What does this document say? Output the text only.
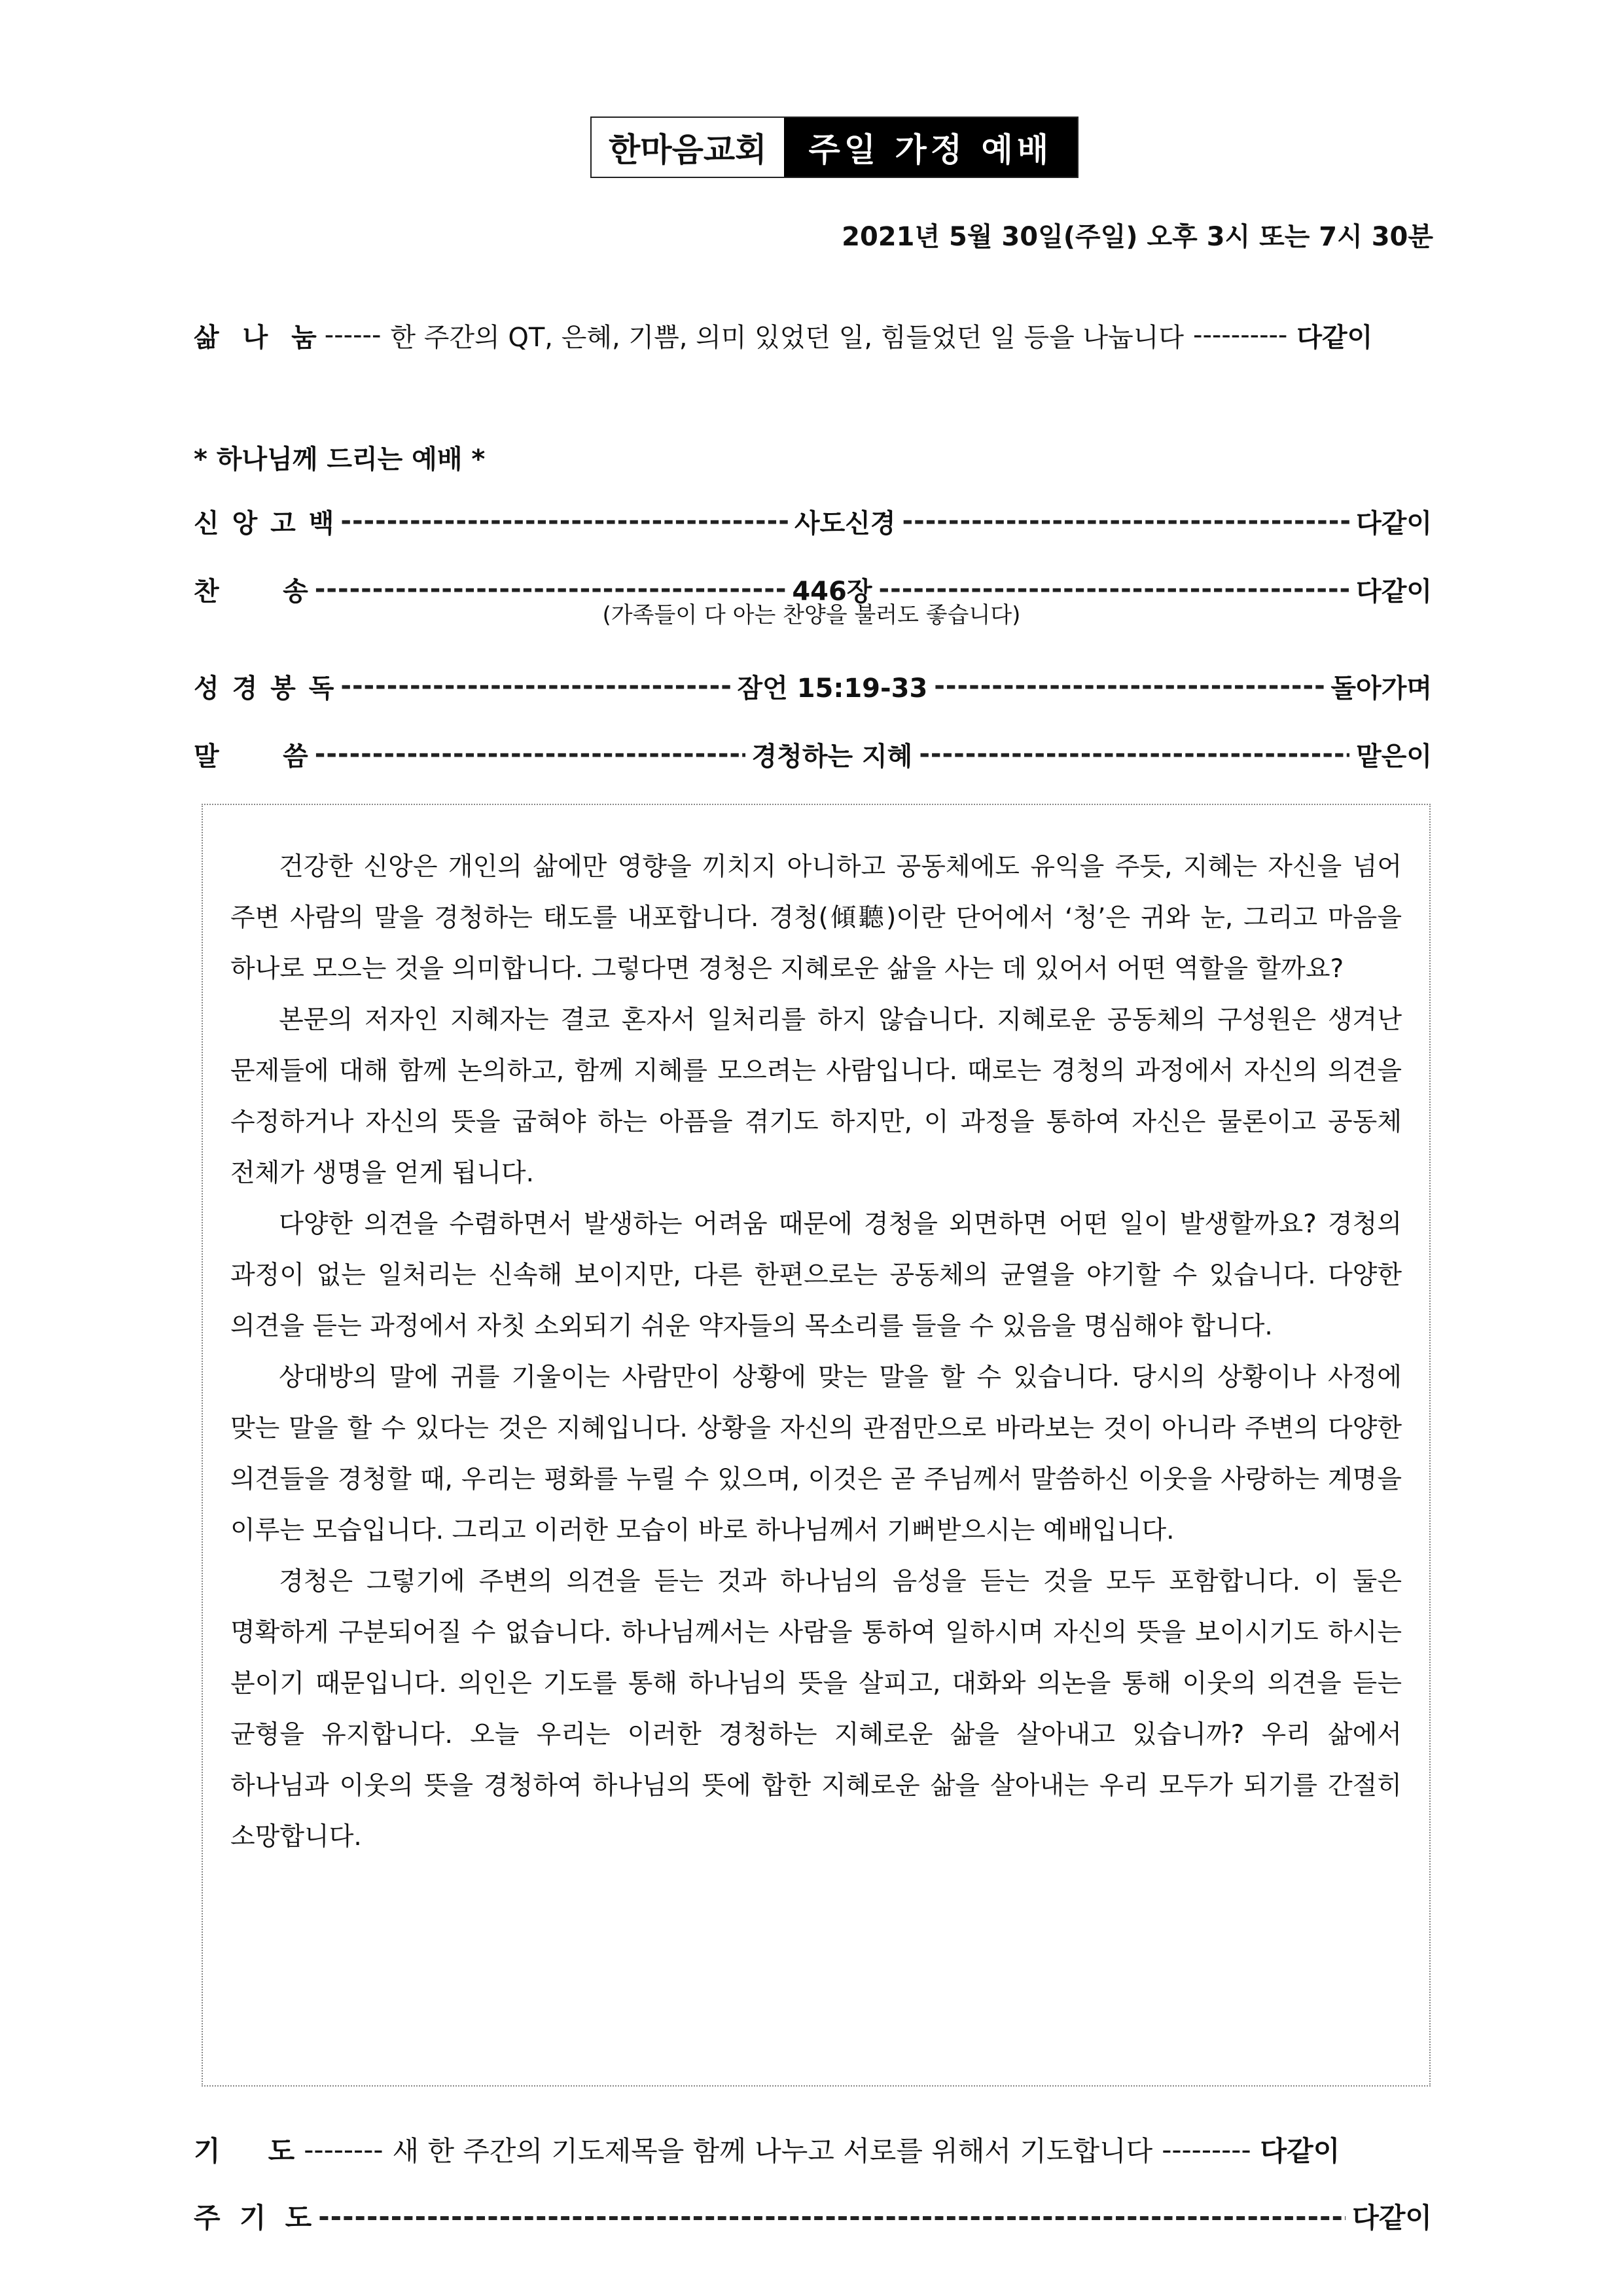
한마음교회	주일 가정 예배
2021년 5월 30일(주일) 오후 3시 또는 7시 30분
삶 나 눔 ------ 한 주간의 QT, 은혜, 기쁨, 의미 있었던 일, 힘들었던 일 등을 나눕니다 ---------- 다같이
* 하나님께 드리는 예배 *
신 앙 고 백 -----	사도신경 -----	다같이
찬       송 -----	446장 -----	다같이
(가족들이 다 아는 찬양을 불러도 좋습니다)
성 경 봉 독 -----	잠언 15:19-33 -----	돌아가며
말       씀 -----	경청하는 지혜 -----	맡은이

건강한 신앙은 개인의 삶에만 영향을 끼치지 아니하고 공동체에도 유익을 주듯, 지혜는 자신을 넘어 주변 사람의 말을 경청하는 태도를 내포합니다. 경청(傾聽)이란 단어에서 ‘청’은 귀와 눈, 그리고 마음을 하나로 모으는 것을 의미합니다. 그렇다면 경청은 지혜로운 삶을 사는 데 있어서 어떤 역할을 할까요?

본문의 저자인 지혜자는 결코 혼자서 일처리를 하지 않습니다. 지혜로운 공동체의 구성원은 생겨난 문제들에 대해 함께 논의하고, 함께 지혜를 모으려는 사람입니다. 때로는 경청의 과정에서 자신의 의견을 수정하거나 자신의 뜻을 굽혀야 하는 아픔을 겪기도 하지만, 이 과정을 통하여 자신은 물론이고 공동체 전체가 생명을 얻게 됩니다.

다양한 의견을 수렴하면서 발생하는 어려움 때문에 경청을 외면하면 어떤 일이 발생할까요? 경청의 과정이 없는 일처리는 신속해 보이지만, 다른 한편으로는 공동체의 균열을 야기할 수 있습니다. 다양한 의견을 듣는 과정에서 자칫 소외되기 쉬운 약자들의 목소리를 들을 수 있음을 명심해야 합니다.

상대방의 말에 귀를 기울이는 사람만이 상황에 맞는 말을 할 수 있습니다. 당시의 상황이나 사정에 맞는 말을 할 수 있다는 것은 지혜입니다. 상황을 자신의 관점만으로 바라보는 것이 아니라 주변의 다양한 의견들을 경청할 때, 우리는 평화를 누릴 수 있으며, 이것은 곧 주님께서 말씀하신 이웃을 사랑하는 계명을 이루는 모습입니다. 그리고 이러한 모습이 바로 하나님께서 기뻐받으시는 예배입니다.

경청은 그렇기에 주변의 의견을 듣는 것과 하나님의 음성을 듣는 것을 모두 포함합니다. 이 둘은 명확하게 구분되어질 수 없습니다. 하나님께서는 사람을 통하여 일하시며 자신의 뜻을 보이시기도 하시는 분이기 때문입니다. 의인은 기도를 통해 하나님의 뜻을 살피고, 대화와 의논을 통해 이웃의 의견을 듣는 균형을 유지합니다. 오늘 우리는 이러한 경청하는 지혜로운 삶을 살아내고 있습니까? 우리 삶에서 하나님과 이웃의 뜻을 경청하여 하나님의 뜻에 합한 지혜로운 삶을 살아내는 우리 모두가 되기를 간절히 소망합니다.

기     도 -------- 새 한 주간의 기도제목을 함께 나누고 서로를 위해서 기도합니다 --------- 다같이
주  기  도 -----	다같이
